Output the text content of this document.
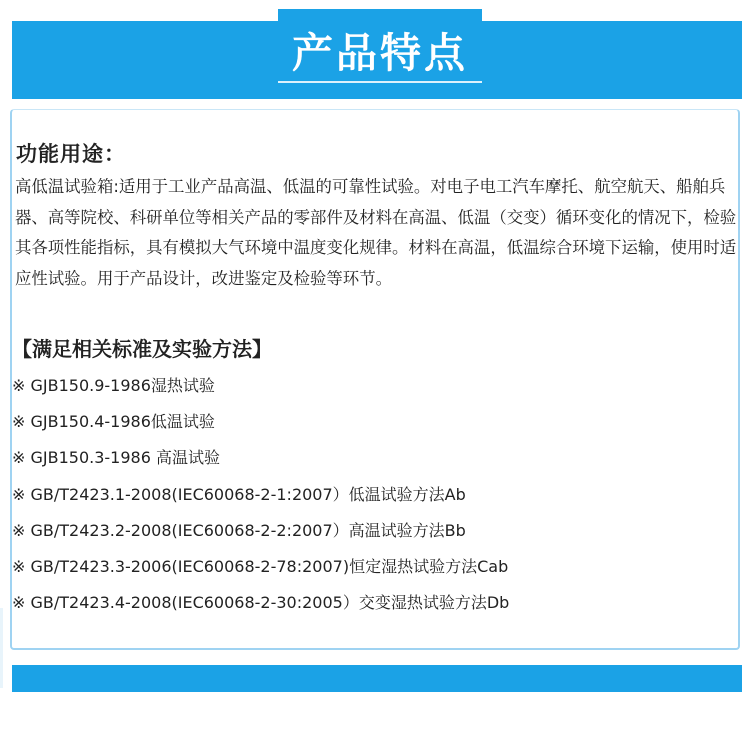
产品特点
功能用途：

高低温试验箱:适用于工业产品高温、低温的可靠性试验。对电子电工汽车摩托、航空航天、船舶兵器、高等院校、科研单位等相关产品的零部件及材料在高温、低温（交变）循环变化的情况下，检验其各项性能指标，具有模拟大气环境中温度变化规律。材料在高温，低温综合环境下运输，使用时适应性试验。用于产品设计，改进鉴定及检验等环节。

【满足相关标准及实验方法】
※ GJB150.9-1986湿热试验
※ GJB150.4-1986低温试验
※ GJB150.3-1986 高温试验
※ GB/T2423.1-2008(IEC60068-2-1:2007）低温试验方法Ab
※ GB/T2423.2-2008(IEC60068-2-2:2007）高温试验方法Bb
※ GB/T2423.3-2006(IEC60068-2-78:2007)恒定湿热试验方法Cab
※ GB/T2423.4-2008(IEC60068-2-30:2005）交变湿热试验方法Db
